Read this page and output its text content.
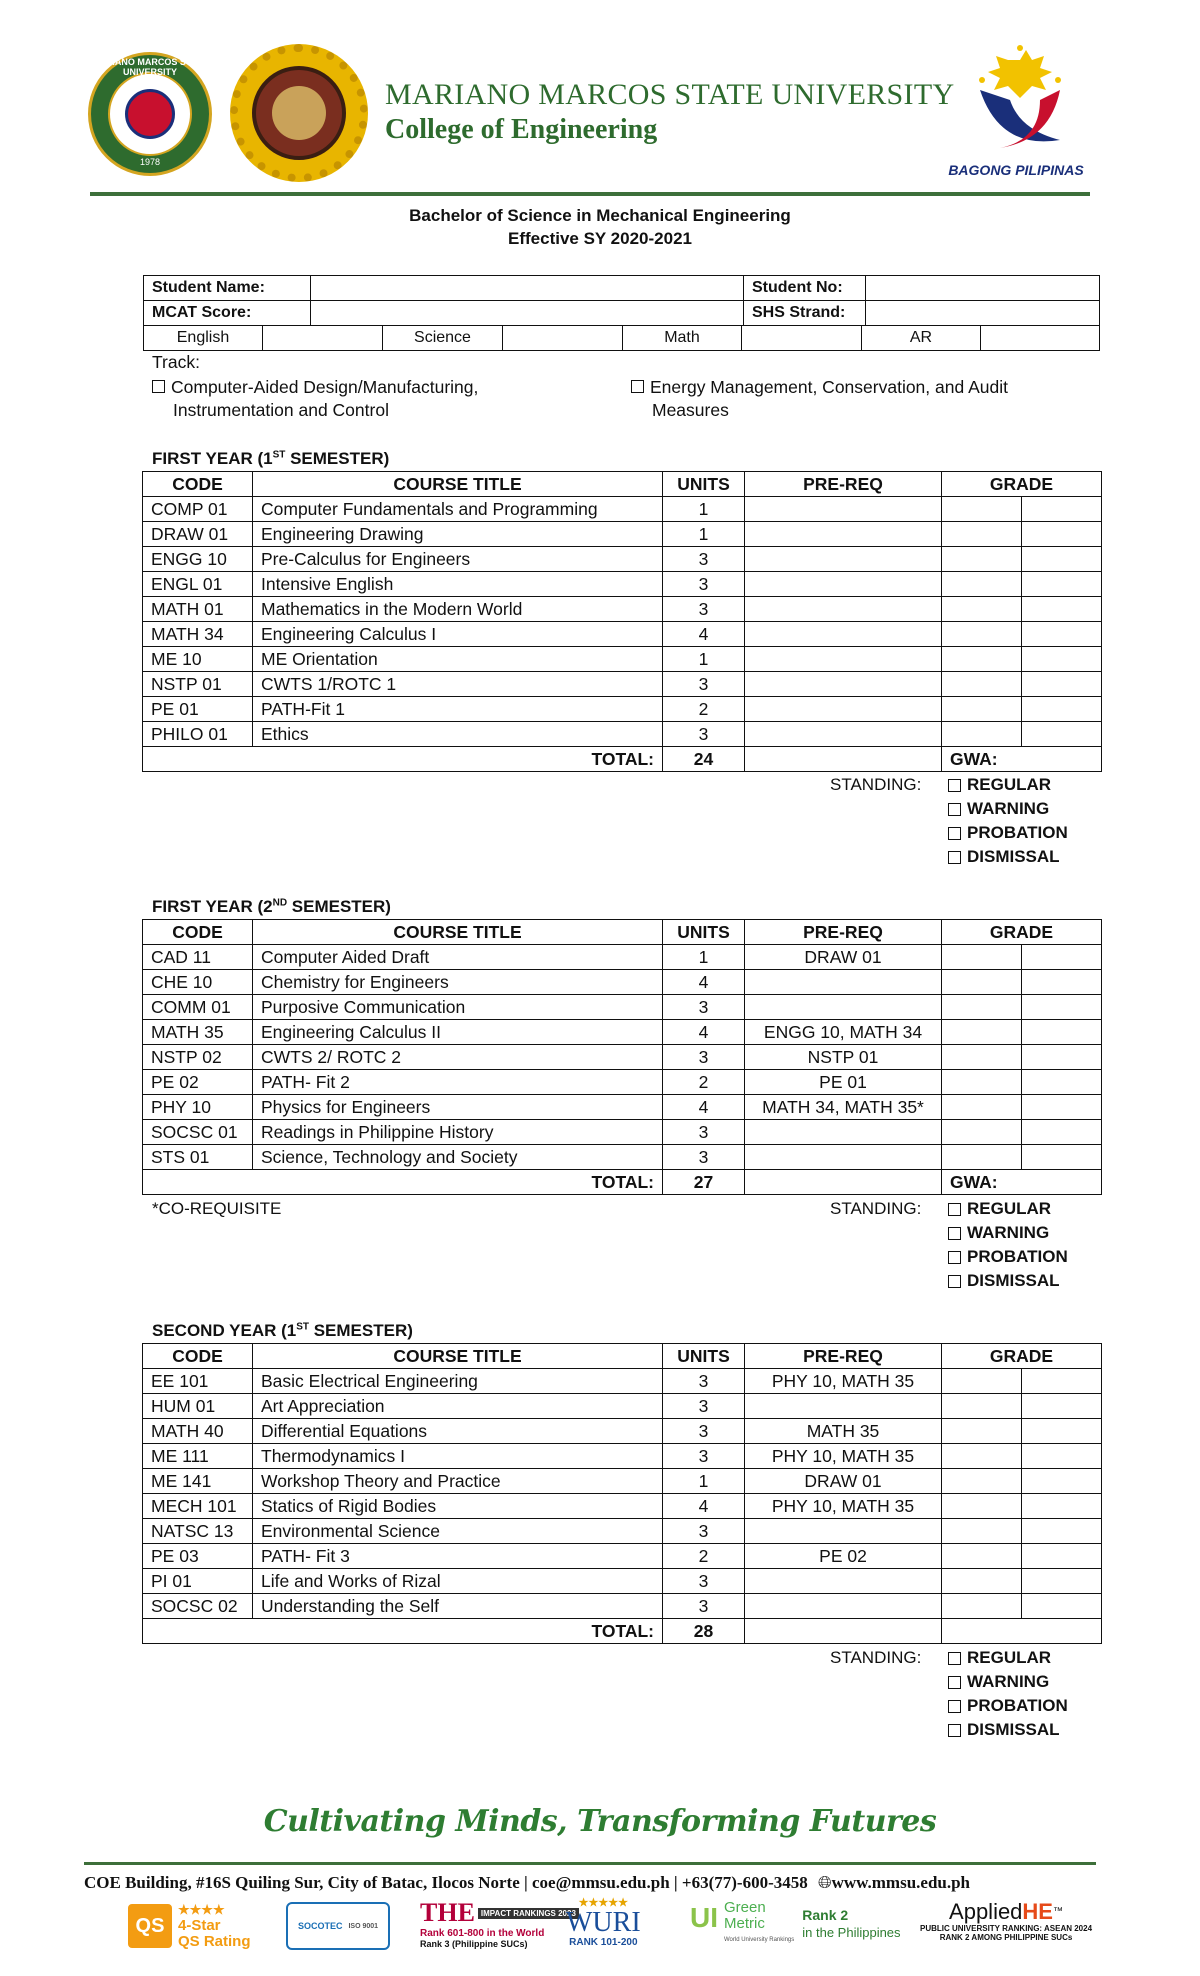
MARIANO MARCOS STATE UNIVERSITY
1978
MARIANO MARCOS STATE UNIVERSITY
College of Engineering
BAGONG PILIPINAS
Bachelor of Science in Mechanical Engineering
Effective SY 2020-2021
Student Name:		Student No:	
MCAT Score:		SHS Strand:	
English		Science		Math		AR	
Track:
Computer-Aided Design/Manufacturing,
Instrumentation and Control
Energy Management, Conservation, and Audit
Measures
FIRST YEAR (1ST SEMESTER)
CODE	COURSE TITLE	UNITS	PRE-REQ	GRADE	
COMP 01	Computer Fundamentals and Programming	1			
DRAW 01	Engineering Drawing	1			
ENGG 10	Pre-Calculus for Engineers	3			
ENGL 01	Intensive English	3			
MATH 01	Mathematics in the Modern World	3			
MATH 34	Engineering Calculus I	4			
ME 10	ME Orientation	1			
NSTP 01	CWTS 1/ROTC 1	3			
PE 01	PATH-Fit 1	2			
PHILO 01	Ethics	3			
TOTAL:		24		GWA:	
STANDING:	REGULAR
WARNING
PROBATION
DISMISSAL
FIRST YEAR (2ND SEMESTER)
CODE	COURSE TITLE	UNITS	PRE-REQ	GRADE	
CAD 11	Computer Aided Draft	1	DRAW 01		
CHE 10	Chemistry for Engineers	4			
COMM 01	Purposive Communication	3			
MATH 35	Engineering Calculus II	4	ENGG 10, MATH 34		
NSTP 02	CWTS 2/ ROTC 2	3	NSTP 01		
PE 02	PATH- Fit 2	2	PE 01		
PHY 10	Physics for Engineers	4	MATH 34, MATH 35*		
SOCSC 01	Readings in Philippine History	3			
STS 01	Science, Technology and Society	3			
TOTAL:		27		GWA:	
*CO-REQUISITE	STANDING:	REGULAR
WARNING
PROBATION
DISMISSAL
SECOND YEAR (1ST SEMESTER)
CODE	COURSE TITLE	UNITS	PRE-REQ	GRADE	
EE 101	Basic Electrical Engineering	3	PHY 10, MATH 35		
HUM 01	Art Appreciation	3			
MATH 40	Differential Equations	3	MATH 35		
ME 111	Thermodynamics I	3	PHY 10, MATH 35		
ME 141	Workshop Theory and Practice	1	DRAW 01		
MECH 101	Statics of Rigid Bodies	4	PHY 10, MATH 35		
NATSC 13	Environmental Science	3			
PE 03	PATH- Fit 3	2	PE 02		
PI 01	Life and Works of Rizal	3			
SOCSC 02	Understanding the Self	3			
TOTAL:		28			
STANDING:	REGULAR
WARNING
PROBATION
DISMISSAL
Cultivating Minds, Transforming Futures
COE Building, #16S Quiling Sur, City of Batac, Ilocos Norte | coe@mmsu.edu.ph | +63(77)-600-3458 🌐︎www.mmsu.edu.ph
QS
★★★★
4-Star
QS Rating
SOCOTEC ISO 9001 THE IMPACT RANKINGS 2023
Rank 601-800 in the World
Rank 3 (Philippine SUCs)
★★★★★
WURI
RANK 101-200
UI Green
Metric
World University Rankings
Rank 2
in the Philippines
AppliedHE™
PUBLIC UNIVERSITY RANKING: ASEAN 2024
RANK 2 AMONG PHILIPPINE SUCs
